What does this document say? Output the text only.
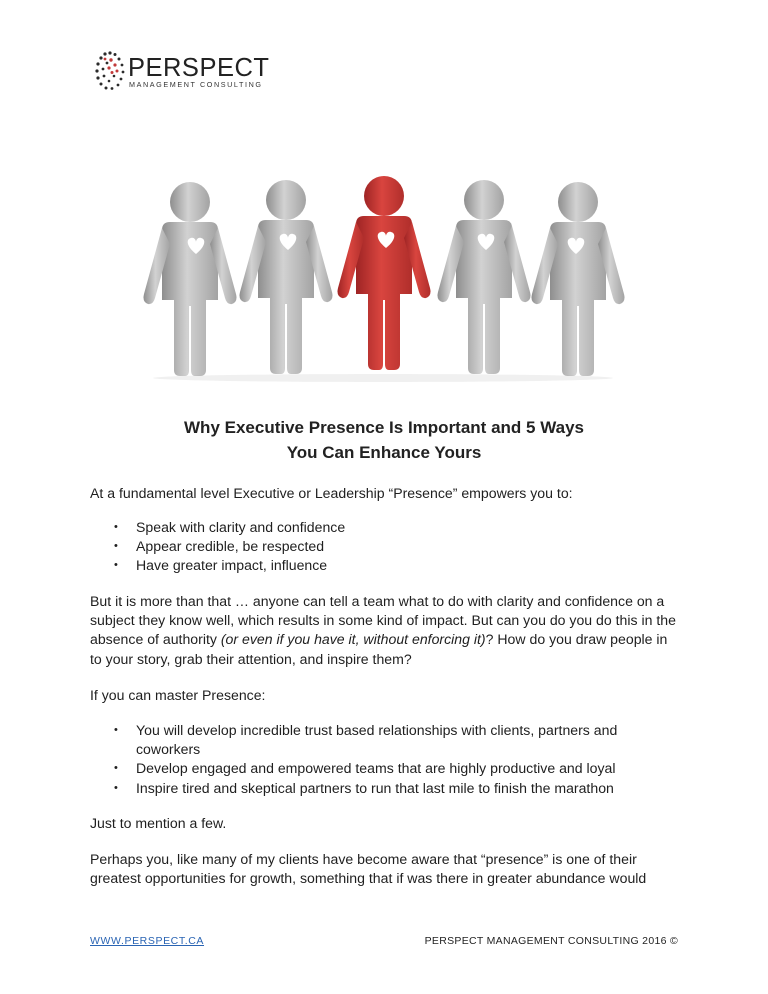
PERSPECT
MANAGEMENT CONSULTING
Why Executive Presence Is Important and 5 Ways
You Can Enhance Yours

At a fundamental level Executive or Leadership “Presence” empowers you to:

• Speak with clarity and confidence
• Appear credible, be respected
• Have greater impact, influence

But it is more than that … anyone can tell a team what to do with clarity and confidence on a subject they know well, which results in some kind of impact. But can you do you do this in the absence of authority (or even if you have it, without enforcing it)? How do you draw people in to your story, grab their attention, and inspire them?

If you can master Presence:

• You will develop incredible trust based relationships with clients, partners and coworkers
• Develop engaged and empowered teams that are highly productive and loyal
• Inspire tired and skeptical partners to run that last mile to finish the marathon

Just to mention a few.

Perhaps you, like many of my clients have become aware that “presence” is one of their greatest opportunities for growth, something that if was there in greater abundance would

WWW.PERSPECT.CA	PERSPECT MANAGEMENT CONSULTING 2016 ©
